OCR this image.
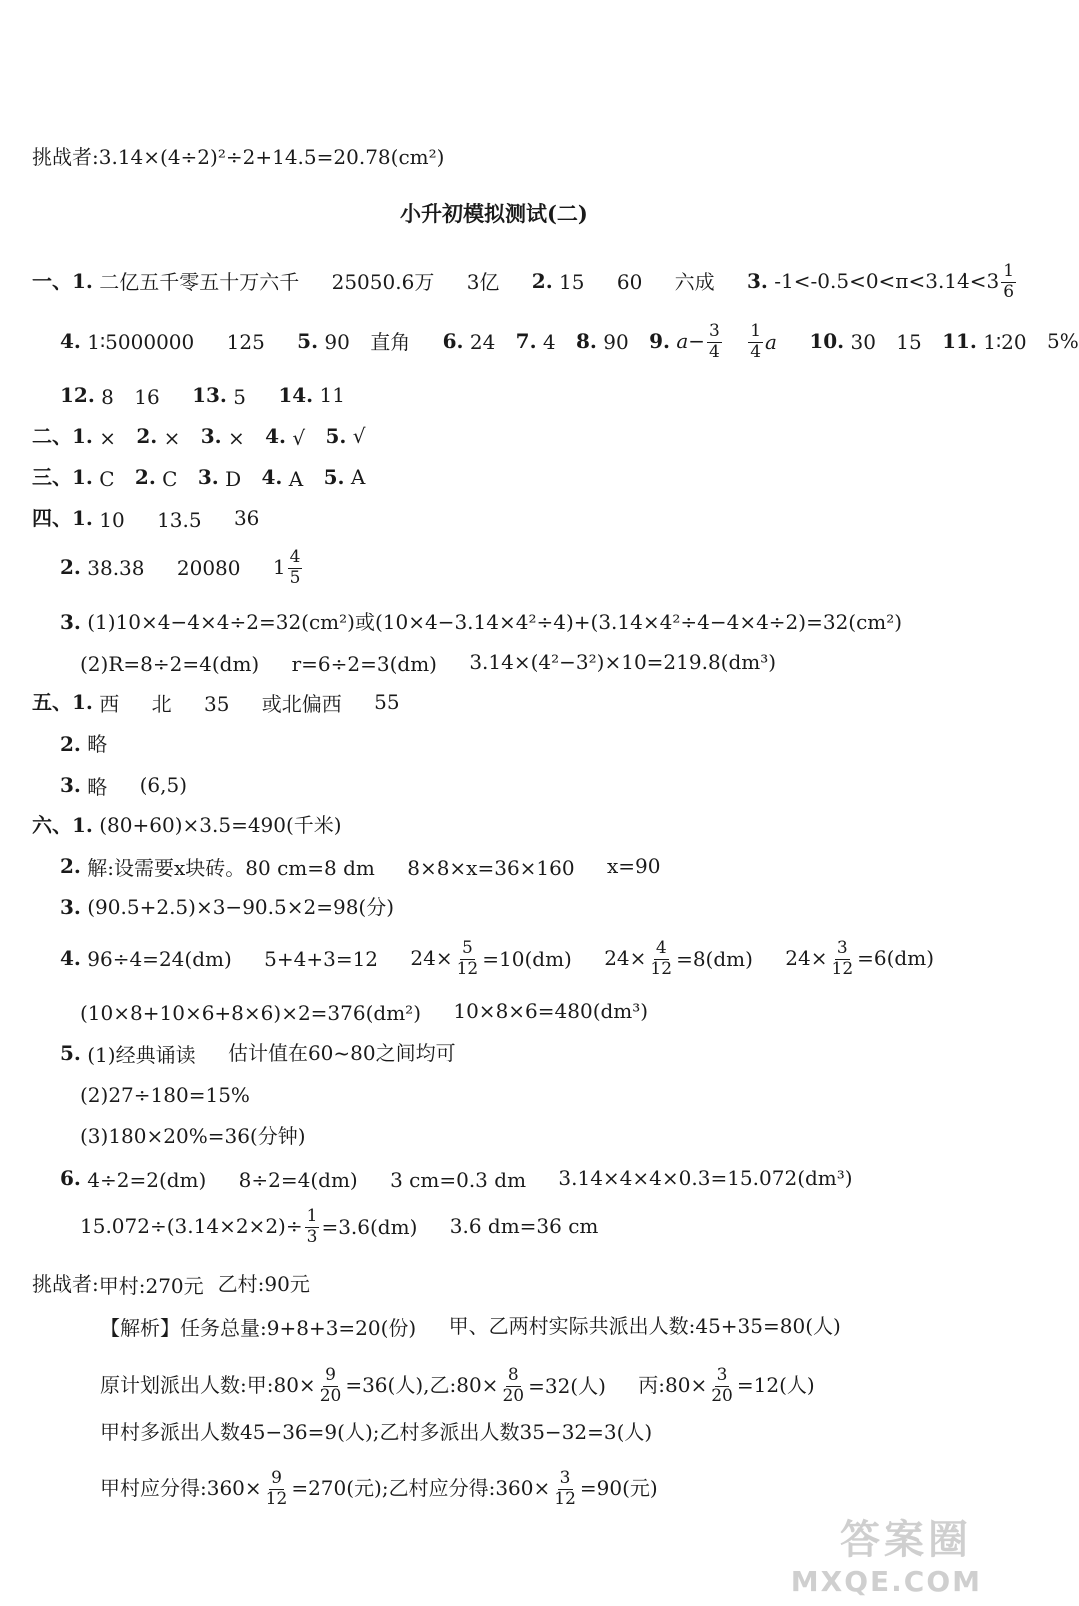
挑战者:3.14×(4÷2)²÷2+14.5=20.78(cm²)
小升初模拟测试(二)
一、1. 二亿五千零五十万六千 25050.6万 3亿 2. 15 60 六成 3. -1<-0.5<0<π<3.14̇<3 $\frac{1}{6}$
4. 1∶5000000 125 5. 90 直角 6. 24 7. 4 8. 90 9. $a- \frac{3}{4}$
$\frac{1}{4}$ a 10. 30 15 11. 1∶20 5%
12. 8 16 13. 5 14. 11
二、1. × 2. × 3. × 4. √ 5. √
三、1. C 2. C 3. D 4. A 5. A
四、1. 10 13.5 36
2. 38.38 20080 $1 \frac{4}{5}$
3. (1)10×4−4×4÷2=32(cm²)或(10×4−3.14×4²÷4)+(3.14×4²÷4−4×4÷2)=32(cm²)
(2)R=8÷2=4(dm) r=6÷2=3(dm) 3.14×(4²−3²)×10=219.8(dm³)
五、1. 西 北 35 或北偏西 55
2. 略
3. 略 (6,5)
六、1. (80+60)×3.5=490(千米)
2. 解:设需要x块砖。80 cm=8 dm 8×8×x=36×160 x=90
3. (90.5+2.5)×3−90.5×2=98(分)
4. 96÷4=24(dm) 5+4+3=12 $24\times \frac{5}{12} =10(dm)$ $24\times \frac{4}{12} =8(dm)$ $24\times \frac{3}{12} =6(dm)$
(10×8+10×6+8×6)×2=376(dm²) 10×8×6=480(dm³)
5. (1)经典诵读 估计值在60~80之间均可
(2)27÷180=15%
(3)180×20%=36(分钟)
6. 4÷2=2(dm) 8÷2=4(dm) 3 cm=0.3 dm 3.14×4×4×0.3=15.072(dm³)
$15.072\div(3.14\times 2\times 2)\div \frac{1}{3} =3.6(dm)$ 3.6 dm=36 cm
挑战者:甲村:270元 乙村:90元
【解析】任务总量:9+8+3=20(份) 甲、乙两村实际共派出人数:45+35=80(人)
原计划派出人数:甲:80× $\frac{9}{20} =36$(人),乙:80× $\frac{8}{20} =32$(人) 丙:80× $\frac{3}{20} =12$(人)
甲村多派出人数45−36=9(人);乙村多派出人数35−32=3(人)
甲村应分得:360× $\frac{9}{12} =270$(元);乙村应分得:360× $\frac{3}{12} =90$(元)
答案圈
MXQE.COM
